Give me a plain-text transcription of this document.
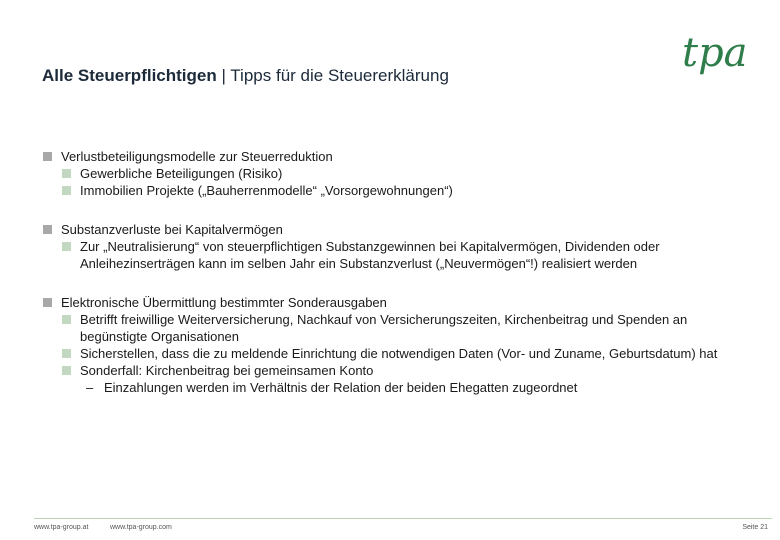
Alle Steuerpflichtigen | Tipps für die Steuererklärung	tpa
Verlustbeteiligungsmodelle zur Steuerreduktion
Gewerbliche Beteiligungen (Risiko)
Immobilien Projekte („Bauherrenmodelle“ „Vorsorgewohnungen“)
Substanzverluste bei Kapitalvermögen
Zur „Neutralisierung“ von steuerpflichtigen Substanzgewinnen bei Kapitalvermögen, Dividenden oder Anleihezinserträgen kann im selben Jahr ein Substanzverlust („Neuvermögen“!) realisiert werden
Elektronische Übermittlung bestimmter Sonderausgaben
Betrifft freiwillige Weiterversicherung, Nachkauf von Versicherungszeiten, Kirchenbeitrag und Spenden an begünstigte Organisationen
Sicherstellen, dass die zu meldende Einrichtung die notwendigen Daten (Vor- und Zuname, Geburtsdatum) hat
Sonderfall: Kirchenbeitrag bei gemeinsamen Konto
– Einzahlungen werden im Verhältnis der Relation der beiden Ehegatten zugeordnet
www.tpa-group.at	www.tpa-group.com	Seite 21
